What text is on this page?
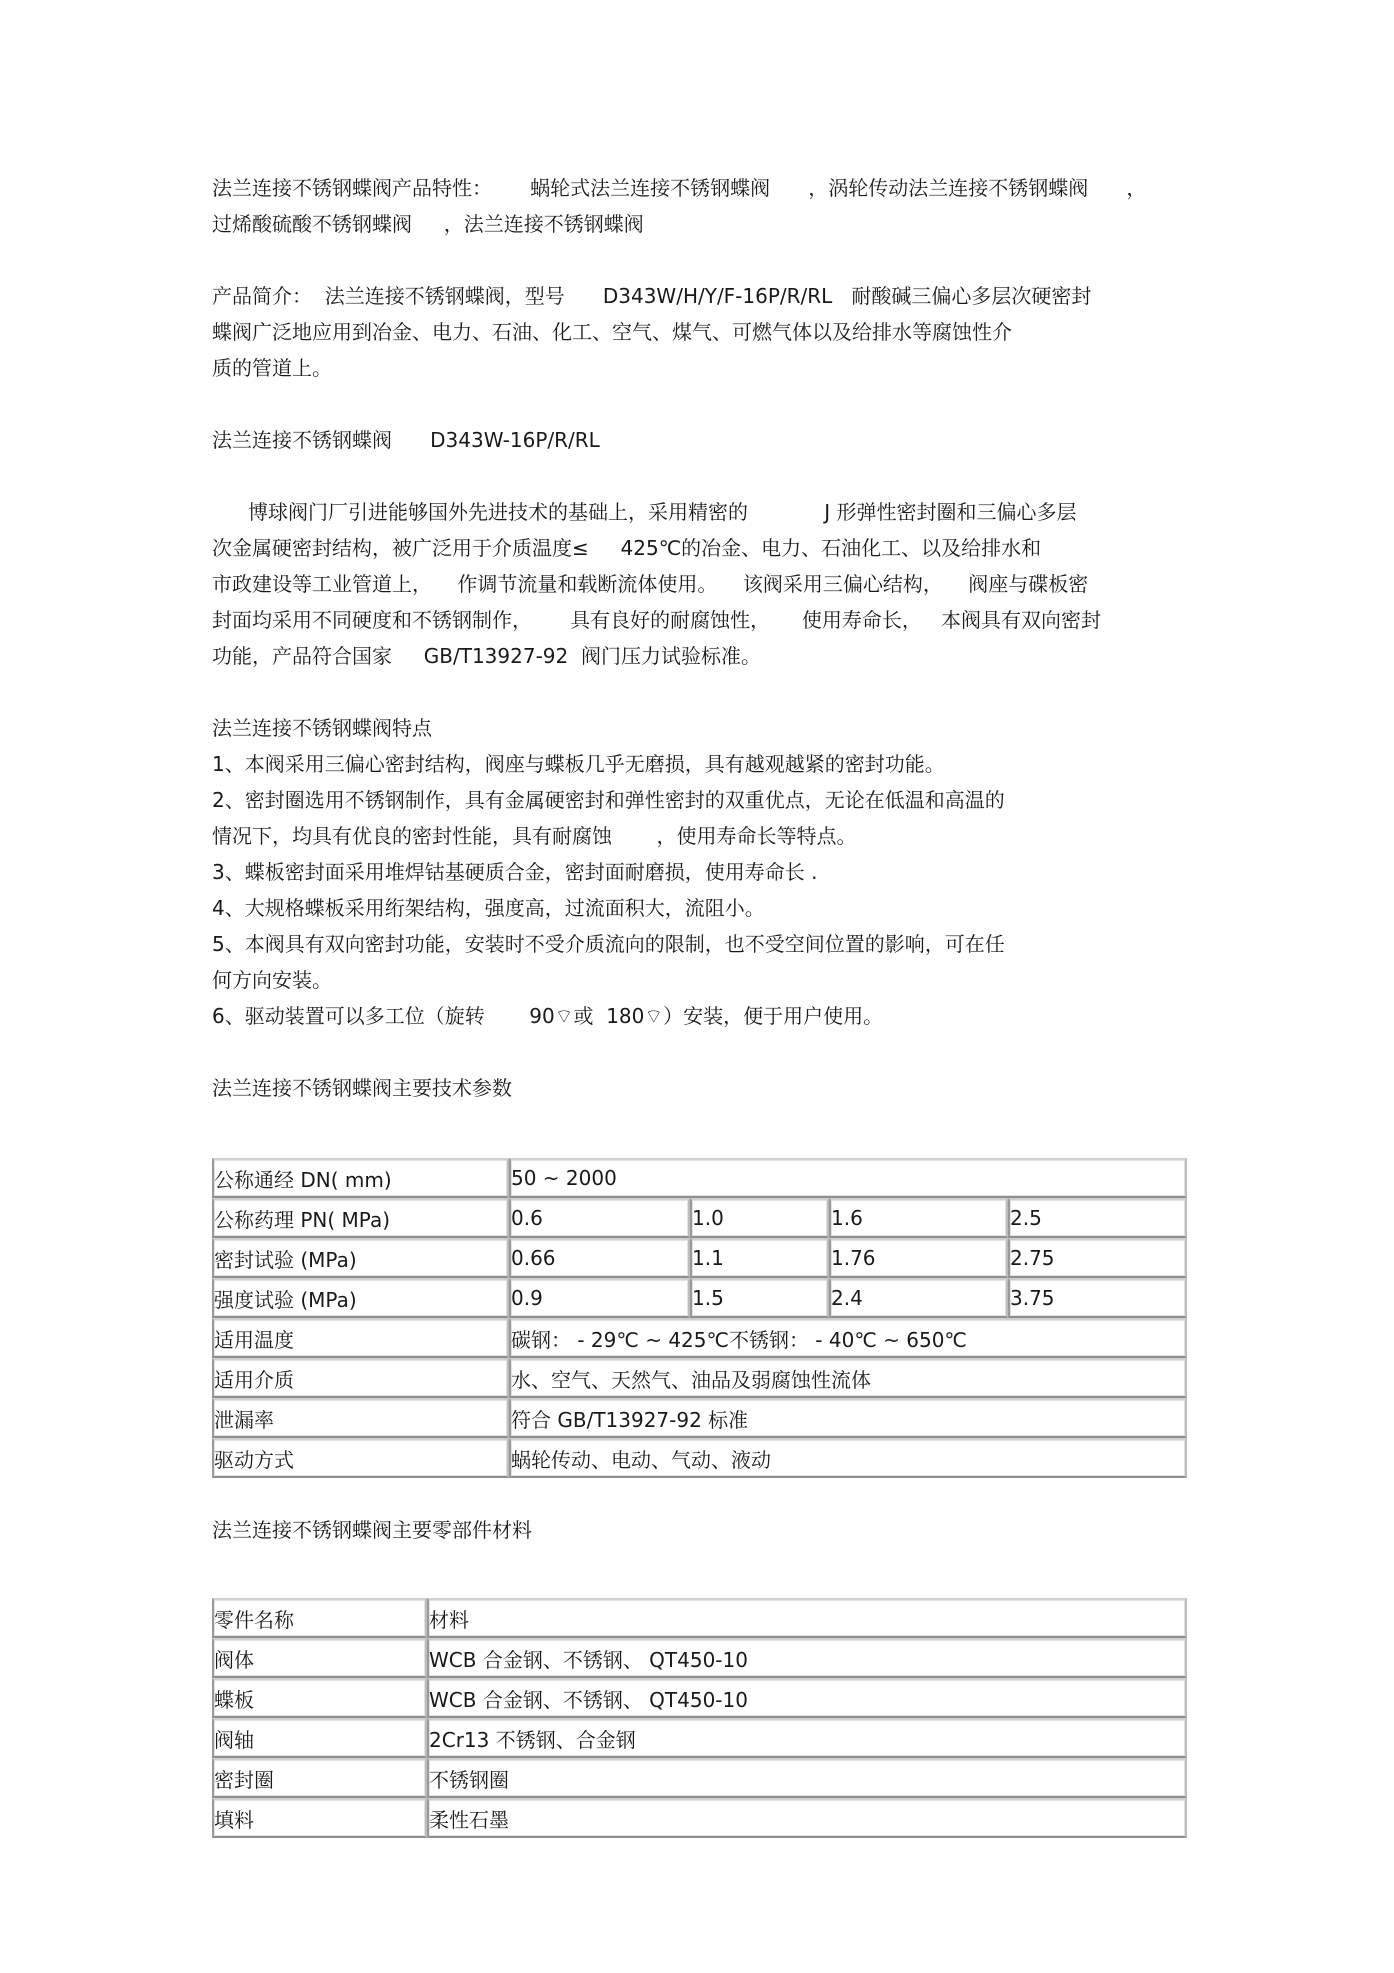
法兰连接不锈钢蝶阀产品特性：      蜗轮式法兰连接不锈钢蝶阀      ，涡轮传动法兰连接不锈钢蝶阀      ，

过烯酸硫酸不锈钢蝶阀     ，法兰连接不锈钢蝶阀

产品简介：  法兰连接不锈钢蝶阀，型号      D343W/H/Y/F-16P/R/RL   耐酸碱三偏心多层次硬密封

蝶阀广泛地应用到冶金、电力、石油、化工、空气、煤气、可燃气体以及给排水等腐蚀性介

质的管道上。

法兰连接不锈钢蝶阀      D343W-16P/R/RL

博球阀门厂引进能够国外先进技术的基础上，采用精密的            J 形弹性密封圈和三偏心多层

次金属硬密封结构，被广泛用于介质温度≤     425℃的冶金、电力、石油化工、以及给排水和

市政建设等工业管道上，    作调节流量和载断流体使用。    该阀采用三偏心结构，    阀座与碟板密

封面均采用不同硬度和不锈钢制作，      具有良好的耐腐蚀性，     使用寿命长，   本阀具有双向密封

功能，产品符合国家     GB/T13927-92  阀门压力试验标准。

法兰连接不锈钢蝶阀特点

1、本阀采用三偏心密封结构，阀座与蝶板几乎无磨损，具有越观越紧的密封功能。

2、密封圈选用不锈钢制作，具有金属硬密封和弹性密封的双重优点，无论在低温和高温的

情况下，均具有优良的密封性能，具有耐腐蚀       ，使用寿命长等特点。

3、蝶板密封面采用堆焊钴基硬质合金，密封面耐磨损，使用寿命长 .

4、大规格蝶板采用绗架结构，强度高，过流面积大，流阻小。

5、本阀具有双向密封功能，安装时不受介质流向的限制，也不受空间位置的影响，可在任

何方向安装。

6、驱动装置可以多工位（旋转       90⌔或  180⌔）安装，便于用户使用。

法兰连接不锈钢蝶阀主要技术参数

公称通经 DN( mm)	50 ~ 2000			
公称药理 PN( MPa)	0.6	1.0	1.6	2.5
密封试验 (MPa)	0.66	1.1	1.76	2.75
强度试验 (MPa)	0.9	1.5	2.4	3.75
适用温度	碳钢： - 29℃ ~ 425℃不锈钢： - 40℃ ~ 650℃			
适用介质	水、空气、天然气、油品及弱腐蚀性流体			
泄漏率	符合 GB/T13927-92 标准			
驱动方式	蜗轮传动、电动、气动、液动			

法兰连接不锈钢蝶阀主要零部件材料

零件名称	材料
阀体	WCB 合金钢、不锈钢、 QT450-10
蝶板	WCB 合金钢、不锈钢、 QT450-10
阀轴	2Cr13 不锈钢、合金钢
密封圈	不锈钢圈
填料	柔性石墨
